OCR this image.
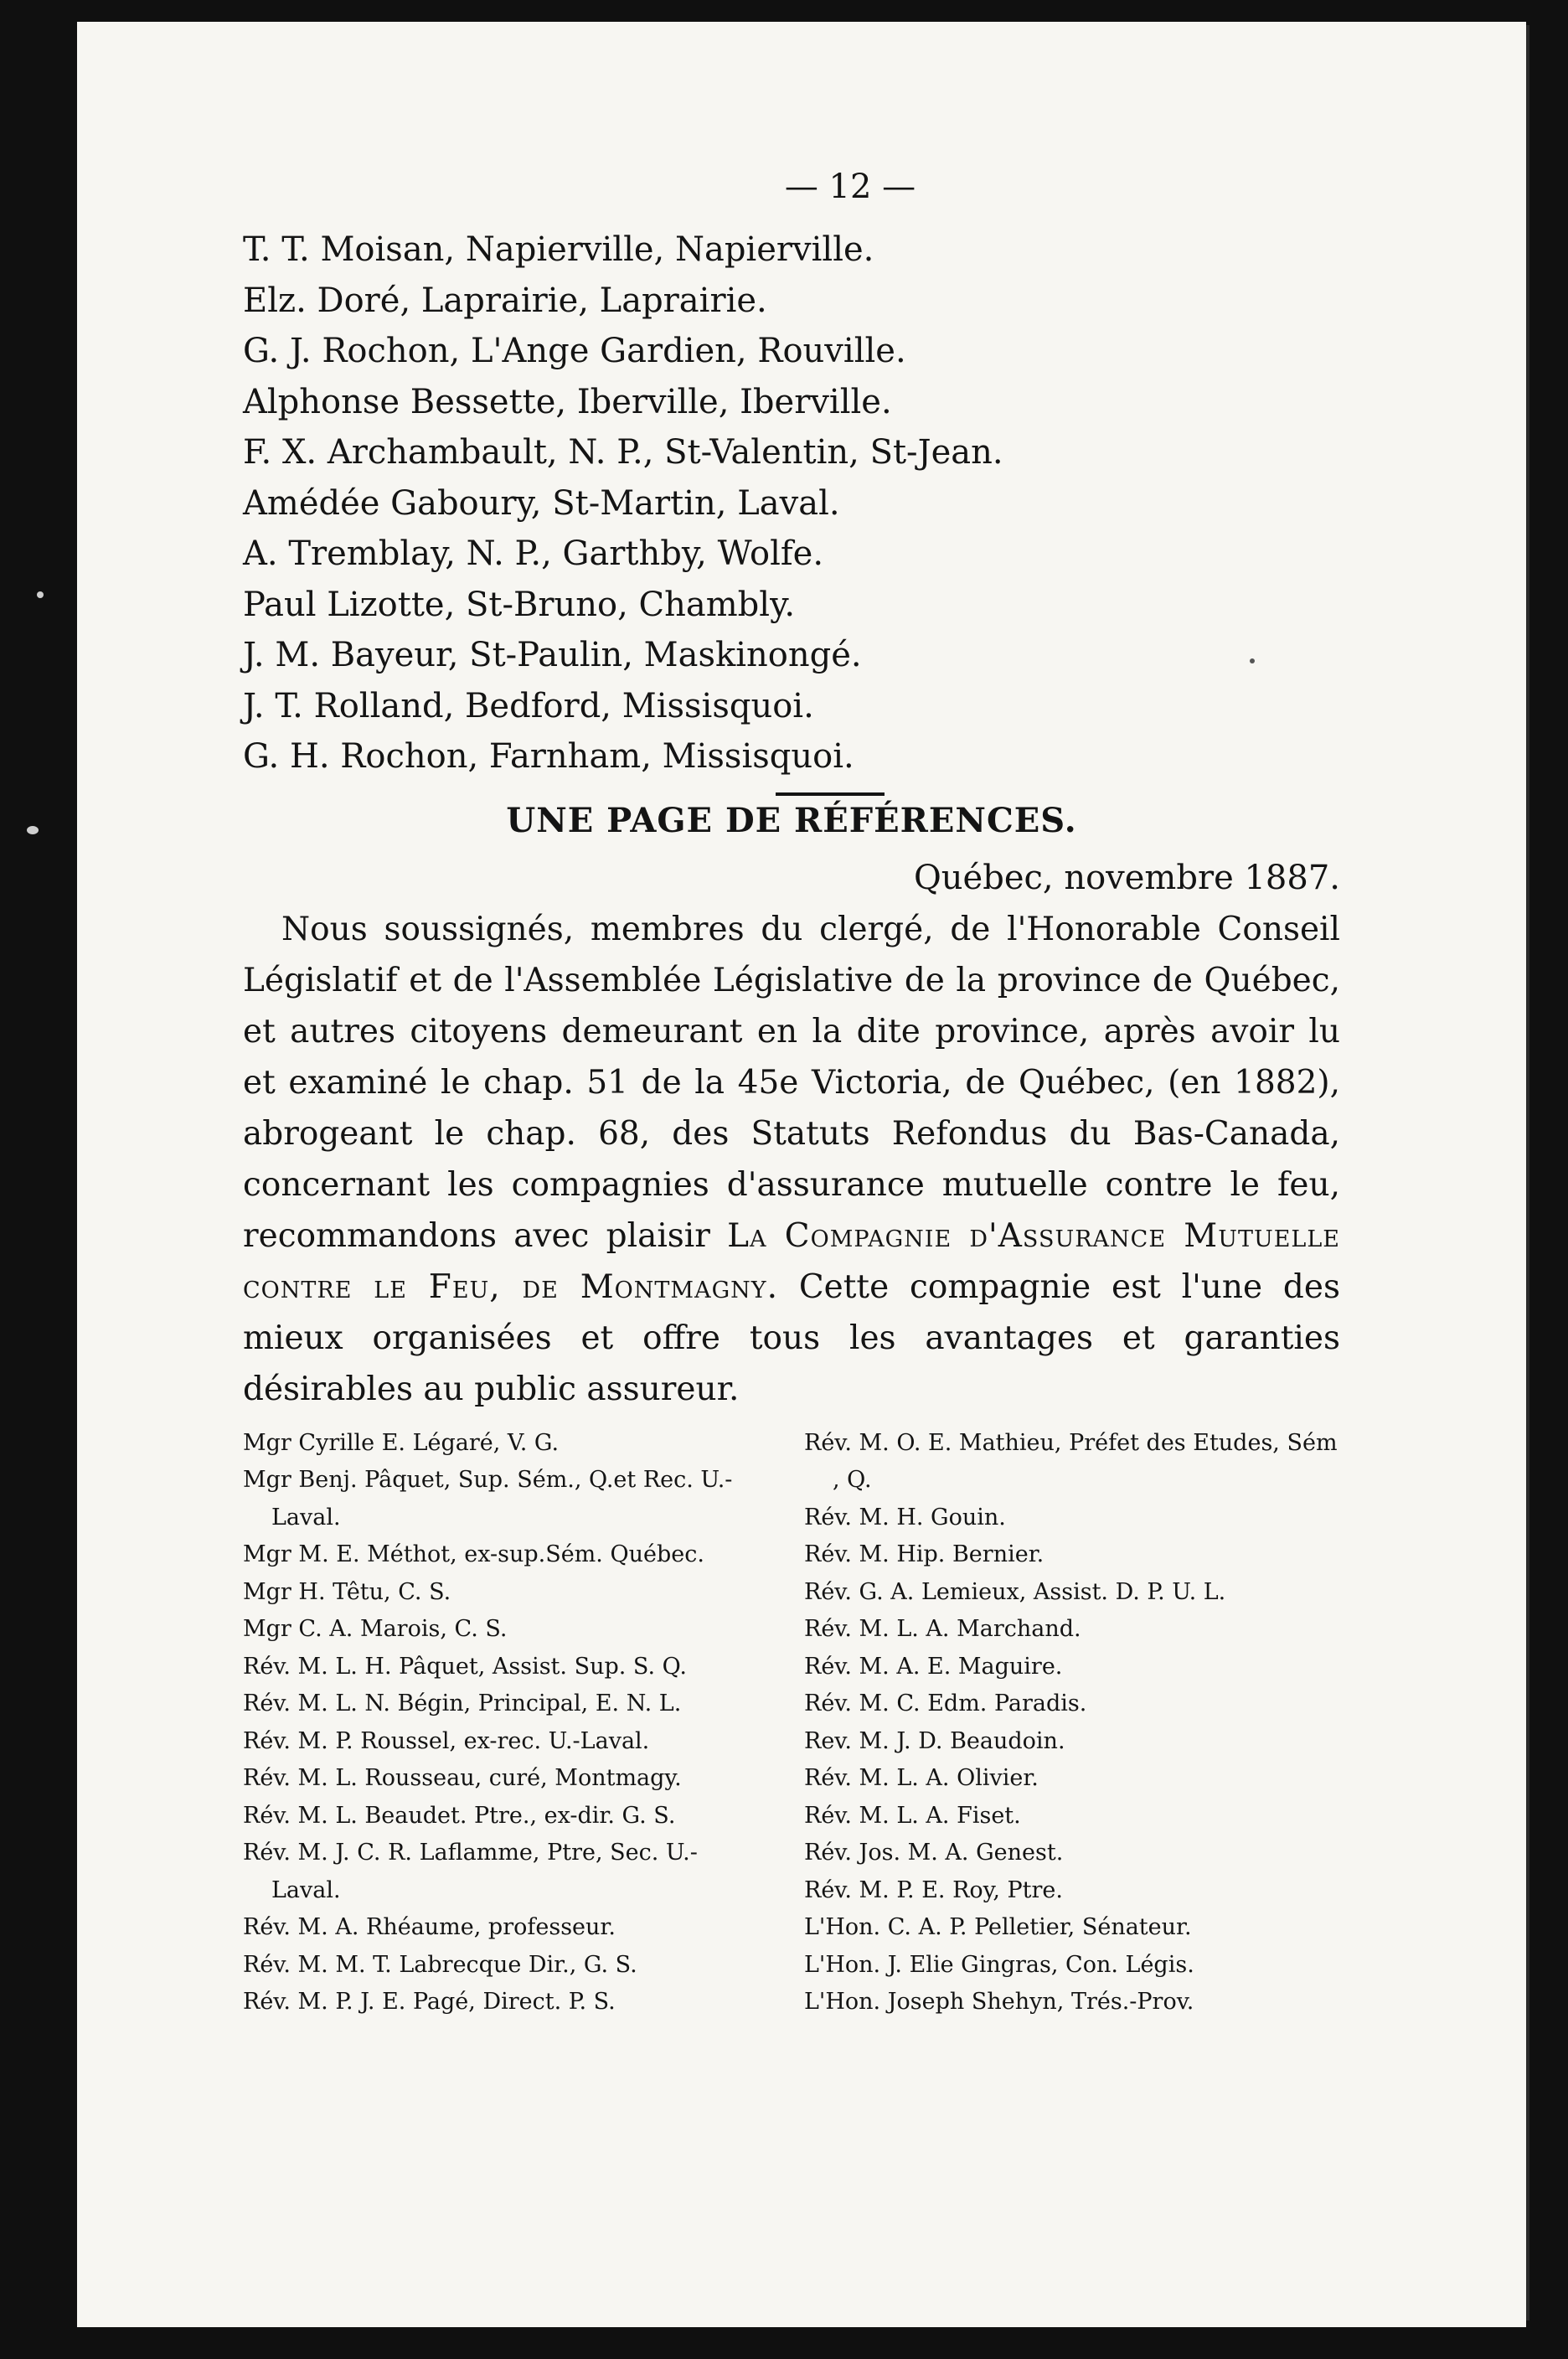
— 12 —
T. T. Moisan, Napierville, Napierville.
Elz. Doré, Laprairie, Laprairie.
G. J. Rochon, L'Ange Gardien, Rouville.
Alphonse Bessette, Iberville, Iberville.
F. X. Archambault, N. P., St-Valentin, St-Jean.
Amédée Gaboury, St-Martin, Laval.
A. Tremblay, N. P., Garthby, Wolfe.
Paul Lizotte, St-Bruno, Chambly.
J. M. Bayeur, St-Paulin, Maskinongé.
J. T. Rolland, Bedford, Missisquoi.
G. H. Rochon, Farnham, Missisquoi.
UNE PAGE DE RÉFÉRENCES.
Québec, novembre 1887.

Nous soussignés, membres du clergé, de l'Honorable Conseil Législatif et de l'Assemblée Législative de la province de Québec, et autres citoyens demeurant en la dite province, après avoir lu et examiné le chap. 51 de la 45e Victoria, de Québec, (en 1882), abrogeant le chap. 68, des Statuts Refondus du Bas-Canada, concernant les compagnies d'assurance mutuelle contre le feu, recommandons avec plaisir La Compagnie d'Assurance Mutuelle contre le Feu, de Montmagny. Cette compagnie est l'une des mieux organisées et offre tous les avantages et garanties désirables au public assureur.

Mgr Cyrille E. Légaré, V. G.
Mgr Benj. Pâquet, Sup. Sém., Q.et Rec. U.-Laval.
Mgr M. E. Méthot, ex-sup.Sém. Québec.
Mgr H. Têtu, C. S.
Mgr C. A. Marois, C. S.
Rév. M. L. H. Pâquet, Assist. Sup. S. Q.
Rév. M. L. N. Bégin, Principal, E. N. L.
Rév. M. P. Roussel, ex-rec. U.-Laval.
Rév. M. L. Rousseau, curé, Montmagy.
Rév. M. L. Beaudet. Ptre., ex-dir. G. S.
Rév. M. J. C. R. Laflamme, Ptre, Sec. U.-Laval.
Rév. M. A. Rhéaume, professeur.
Rév. M. M. T. Labrecque Dir., G. S.
Rév. M. P. J. E. Pagé, Direct. P. S.
Rév. M. O. E. Mathieu, Préfet des Etudes, Sém , Q.
Rév. M. H. Gouin.
Rév. M. Hip. Bernier.
Rév. G. A. Lemieux, Assist. D. P. U. L.
Rév. M. L. A. Marchand.
Rév. M. A. E. Maguire.
Rév. M. C. Edm. Paradis.
Rev. M. J. D. Beaudoin.
Rév. M. L. A. Olivier.
Rév. M. L. A. Fiset.
Rév. Jos. M. A. Genest.
Rév. M. P. E. Roy, Ptre.
L'Hon. C. A. P. Pelletier, Sénateur.
L'Hon. J. Elie Gingras, Con. Légis.
L'Hon. Joseph Shehyn, Trés.-Prov.
